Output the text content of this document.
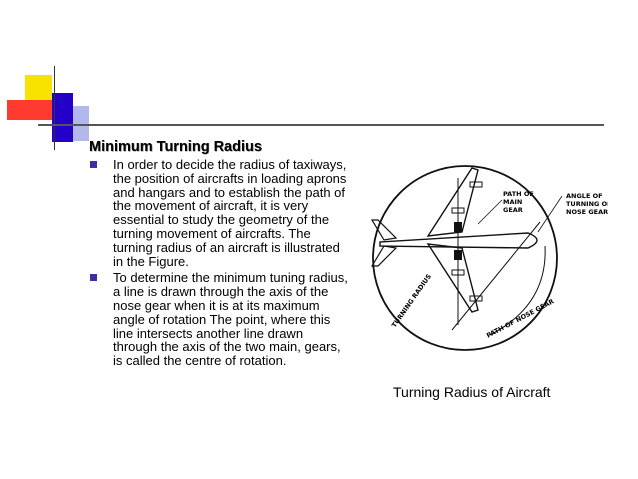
Minimum Turning Radius
In order to decide the radius of taxiways, the position of aircrafts in loading aprons and hangars and to establish the path of the movement of aircraft, it is very essential to study the geometry of the turning movement of aircrafts. The turning radius of an aircraft is illustrated in the Figure.
To determine the minimum tuning radius, a line is drawn through the axis of the nose gear when it is at its maximum angle of rotation The point, where this line intersects another line drawn through the axis of the two main, gears, is called the centre of rotation.
PATH OF MAIN GEAR
ANGLE OF TURNING OF NOSE GEAR
TURNING RADIUS	PATH OF NOSE GEAR
Turning Radius of Aircraft
